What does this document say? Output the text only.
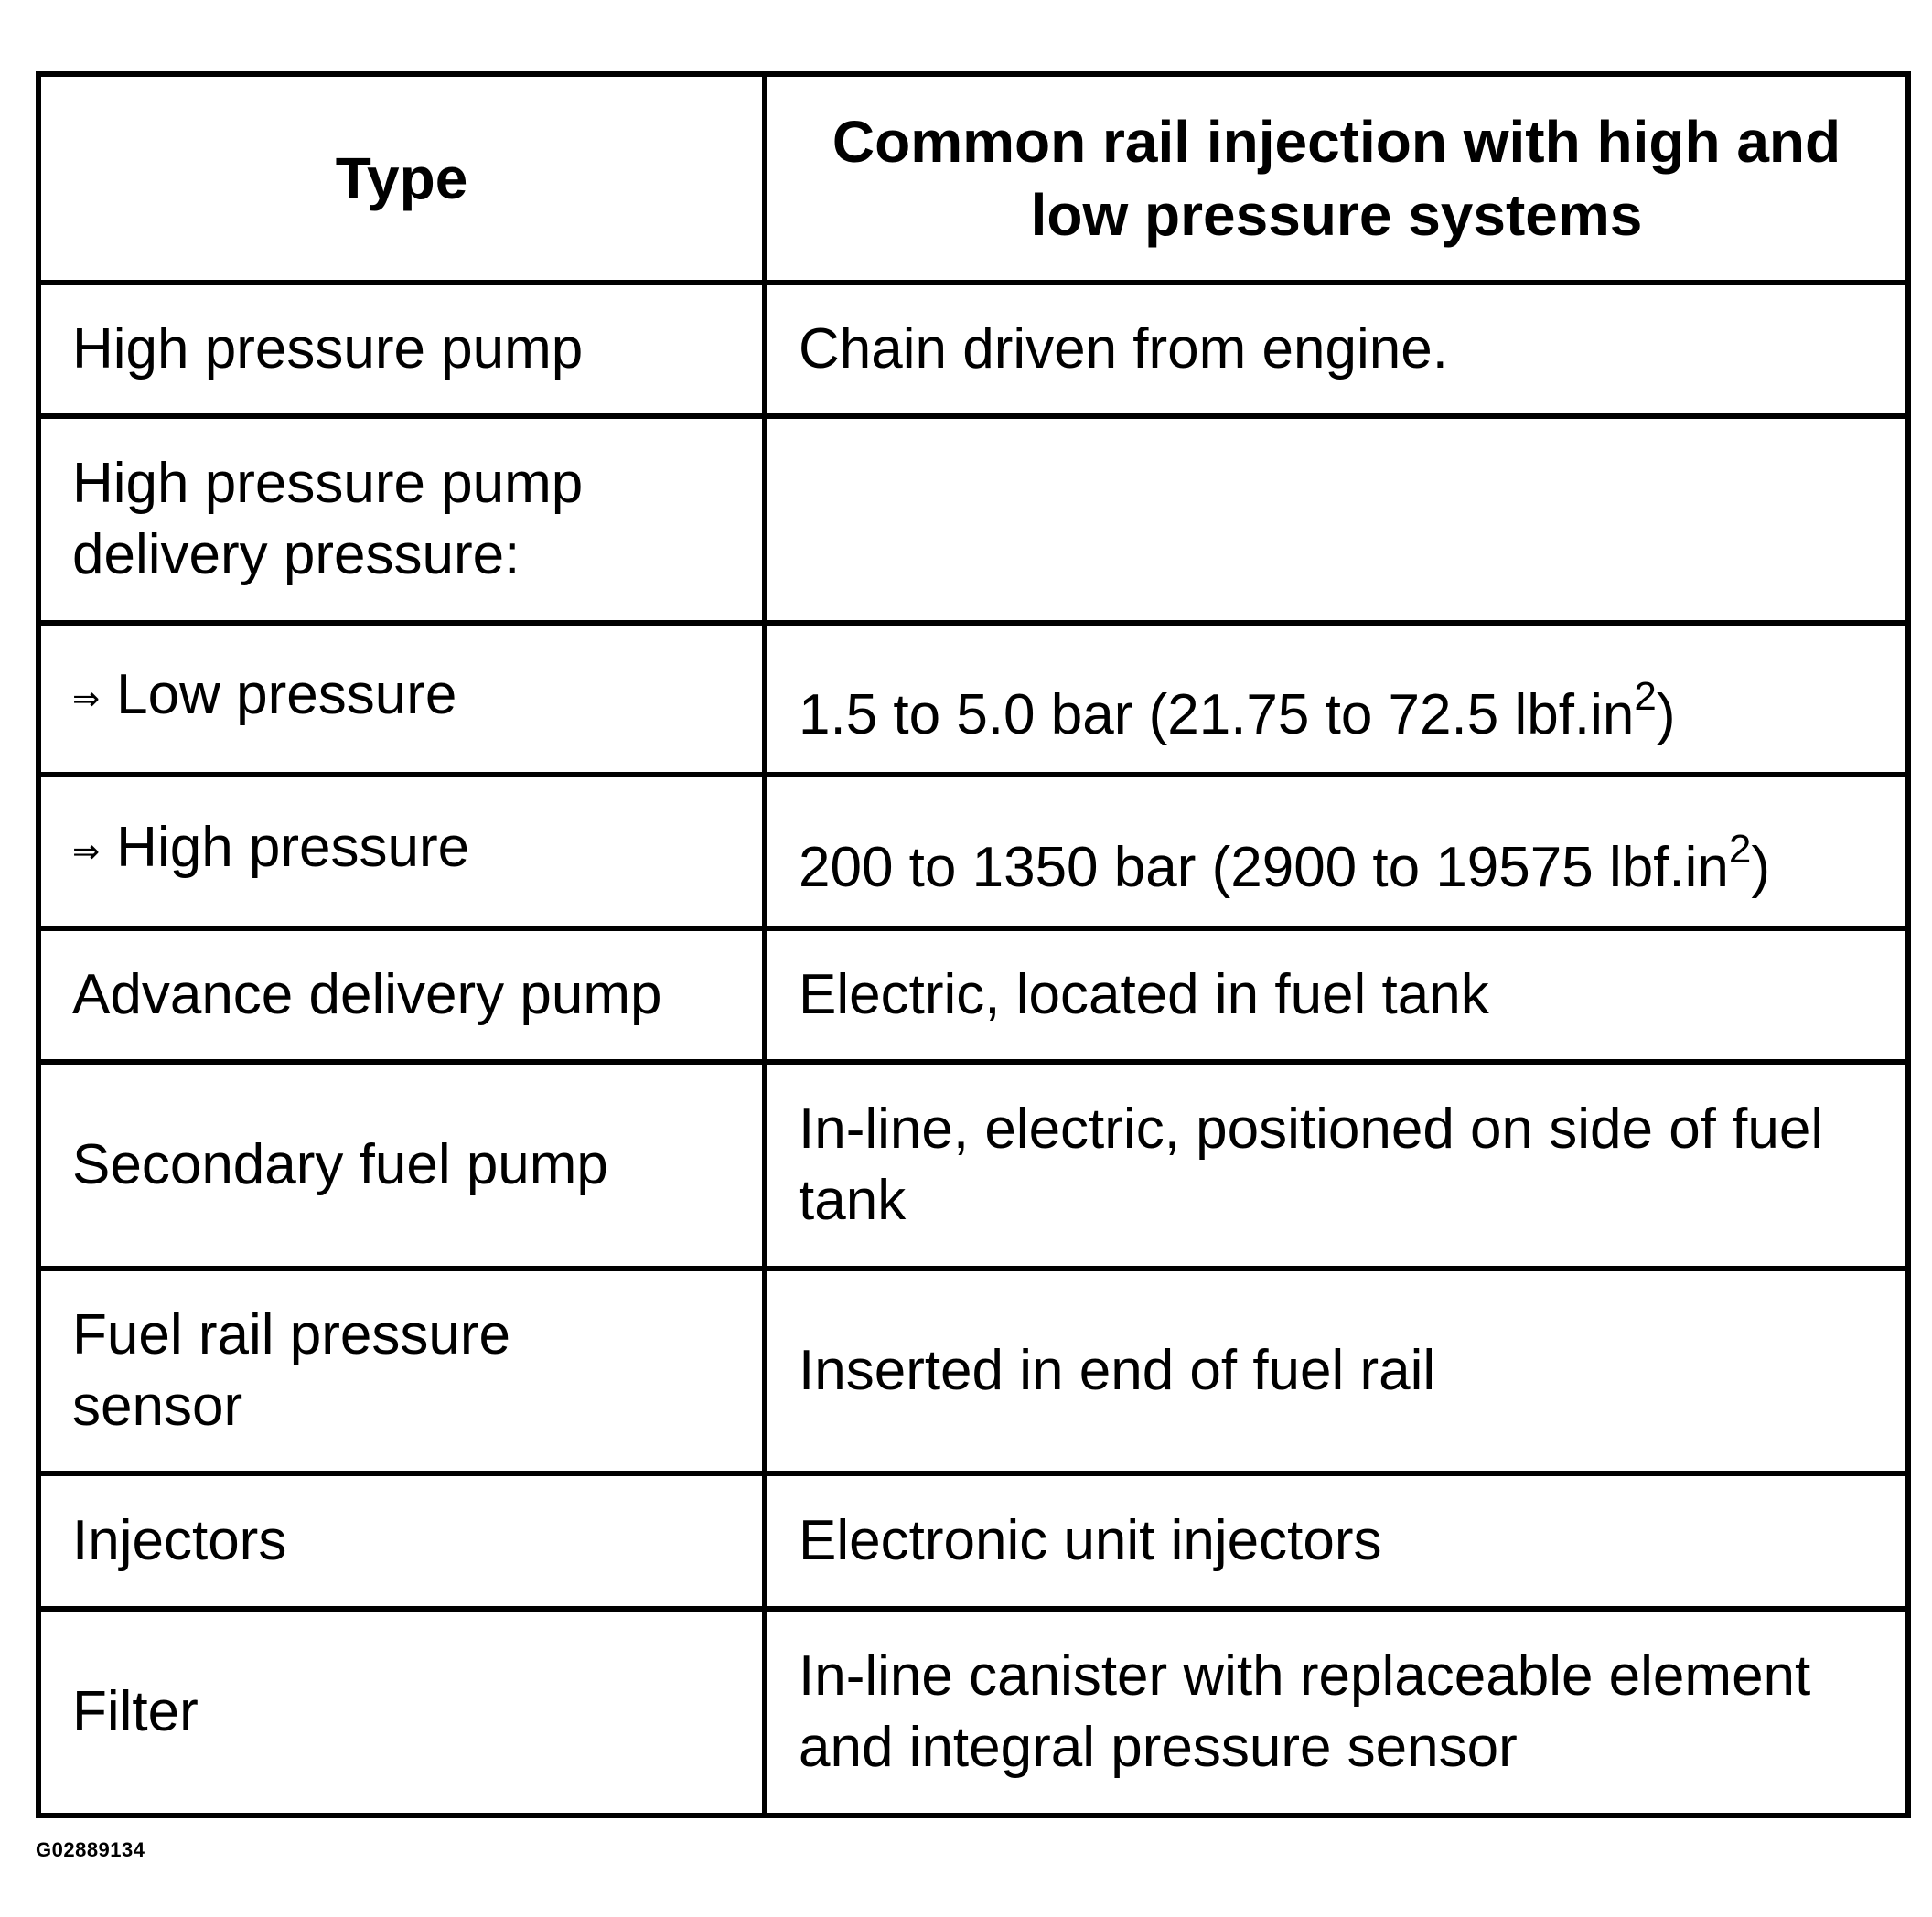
Type	Common rail injection with high and low pressure systems
High pressure pump	Chain driven from engine.
High pressure pump delivery pressure:	
⇒ Low pressure	1.5 to 5.0 bar (21.75 to 72.5 $lbf.in^2$)
⇒ High pressure	200 to 1350 bar (2900 to 19575 $lbf.in^2$)
Advance delivery pump	Electric, located in fuel tank
Secondary fuel pump	In-line, electric, positioned on side of fuel tank
Fuel rail pressure sensor	Inserted in end of fuel rail
Injectors	Electronic unit injectors
Filter	In-line canister with replaceable element and integral pressure sensor
G02889134
